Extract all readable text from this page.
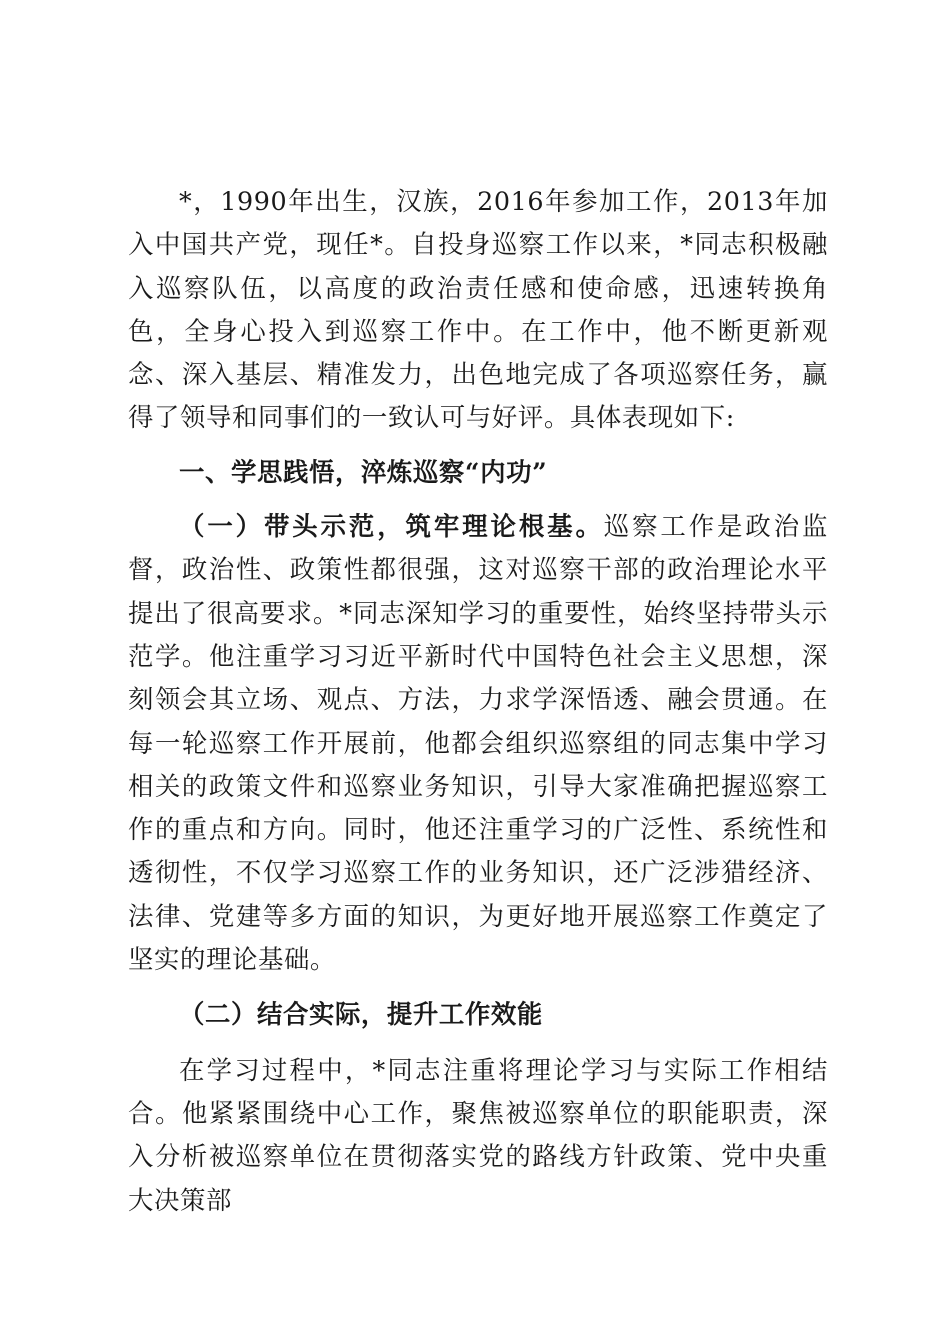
*，1990年出生，汉族，2016年参加工作，2013年加入中国共产党，现任*。自投身巡察工作以来，*同志积极融入巡察队伍，以高度的政治责任感和使命感，迅速转换角色，全身心投入到巡察工作中。在工作中，他不断更新观念、深入基层、精准发力，出色地完成了各项巡察任务，赢得了领导和同事们的一致认可与好评。具体表现如下:

一、学思践悟，淬炼巡察“内功”

（一）带头示范，筑牢理论根基。巡察工作是政治监督，政治性、政策性都很强，这对巡察干部的政治理论水平提出了很高要求。*同志深知学习的重要性，始终坚持带头示范学。他注重学习习近平新时代中国特色社会主义思想，深刻领会其立场、观点、方法，力求学深悟透、融会贯通。在每一轮巡察工作开展前，他都会组织巡察组的同志集中学习相关的政策文件和巡察业务知识，引导大家准确把握巡察工作的重点和方向。同时，他还注重学习的广泛性、系统性和透彻性，不仅学习巡察工作的业务知识，还广泛涉猎经济、法律、党建等多方面的知识，为更好地开展巡察工作奠定了坚实的理论基础。

（二）结合实际，提升工作效能

在学习过程中，*同志注重将理论学习与实际工作相结合。他紧紧围绕中心工作，聚焦被巡察单位的职能职责，深入分析被巡察单位在贯彻落实党的路线方针政策、党中央重大决策部
